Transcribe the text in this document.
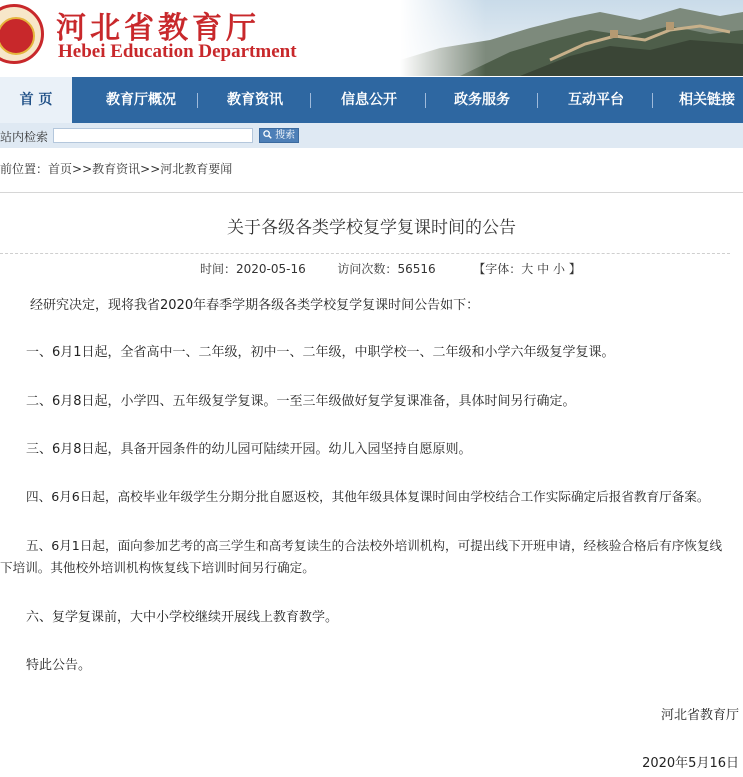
河北省教育厅
Hebei Education Department
首 页	教育厅概况	教育资讯	信息公开	政务服务	互动平台	相关链接
站内检索	搜索
前位置：首页>>教育资讯>>河北教育要闻
关于各级各类学校复学复课时间的公告
时间：2020-05-16	访问次数：56516	【字体：大 中 小 】
经研究决定，现将我省2020年春季学期各级各类学校复学复课时间公告如下：
一、6月1日起，全省高中一、二年级，初中一、二年级，中职学校一、二年级和小学六年级复学复课。
二、6月8日起，小学四、五年级复学复课。一至三年级做好复学复课准备，具体时间另行确定。
三、6月8日起，具备开园条件的幼儿园可陆续开园。幼儿入园坚持自愿原则。
四、6月6日起，高校毕业年级学生分期分批自愿返校，其他年级具体复课时间由学校结合工作实际确定后报省教育厅备案。
五、6月1日起，面向参加艺考的高三学生和高考复读生的合法校外培训机构，可提出线下开班申请，经核验合格后有序恢复线
下培训。其他校外培训机构恢复线下培训时间另行确定。
六、复学复课前，大中小学校继续开展线上教育教学。
特此公告。
河北省教育厅
2020年5月16日
